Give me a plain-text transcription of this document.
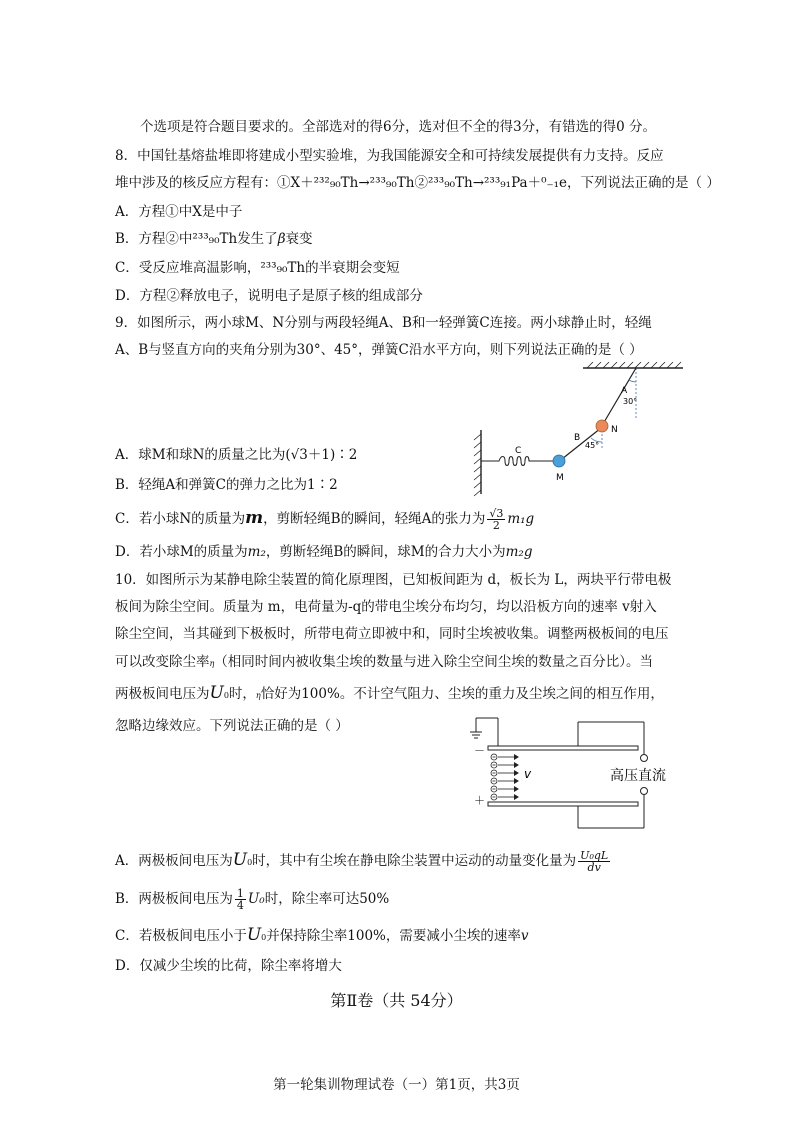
个选项是符合题目要求的。全部选对的得6分，选对但不全的得3分，有错选的得0 分。
8．中国钍基熔盐堆即将建成小型实验堆，为我国能源安全和可持续发展提供有力支持。反应
堆中涉及的核反应方程有：①X＋²³²₉₀Th→²³³₉₀Th②²³³₉₀Th→²³³₉₁Pa＋⁰₋₁e，下列说法正确的是（ ）
A．方程①中X是中子
B．方程②中²³³₉₀Th发生了β衰变
C．受反应堆高温影响，²³³₉₀Th的半衰期会变短
D．方程②释放电子，说明电子是原子核的组成部分
9．如图所示，两小球M、N分别与两段轻绳A、B和一轻弹簧C连接。两小球静止时，轻绳
A、B与竖直方向的夹角分别为30°、45°，弹簧C沿水平方向，则下列说法正确的是（ ）
A
30°
N
B
45°
C
M
A．球M和球N的质量之比为(√3＋1)∶2
B．轻绳A和弹簧C的弹力之比为1∶2
C．若小球N的质量为m，剪断轻绳B的瞬间，轻绳A的张力为 $\frac{√3}{2} m_1g$
D．若小球M的质量为m₂，剪断轻绳B的瞬间，球M的合力大小为m₂g
10．如图所示为某静电除尘装置的简化原理图，已知板间距为 d，板长为 L，两块平行带电极
板间为除尘空间。质量为 m，电荷量为-q的带电尘埃分布均匀，均以沿板方向的速率 v射入
除尘空间，当其碰到下极板时，所带电荷立即被中和，同时尘埃被收集。调整两极板间的电压
可以改变除尘率η（相同时间内被收集尘埃的数量与进入除尘空间尘埃的数量之百分比）。当
两极板间电压为U0时，η恰好为100%。不计空气阻力、尘埃的重力及尘埃之间的相互作用，
忽略边缘效应。下列说法正确的是（ ）
－
＋
高压直流
v
A．两极板间电压为U0时，其中有尘埃在静电除尘装置中运动的动量变化量为 $\frac{\text{U₀qL}}{dv}$
B．两极板间电压为 $\frac{1}{4} U_0$时，除尘率可达50%
C．若极板间电压小于U0并保持除尘率100%，需要减小尘埃的速率v
D．仅减少尘埃的比荷，除尘率将增大
第Ⅱ卷（共 54分）
第一轮集训物理试卷（一）第1页，共3页
